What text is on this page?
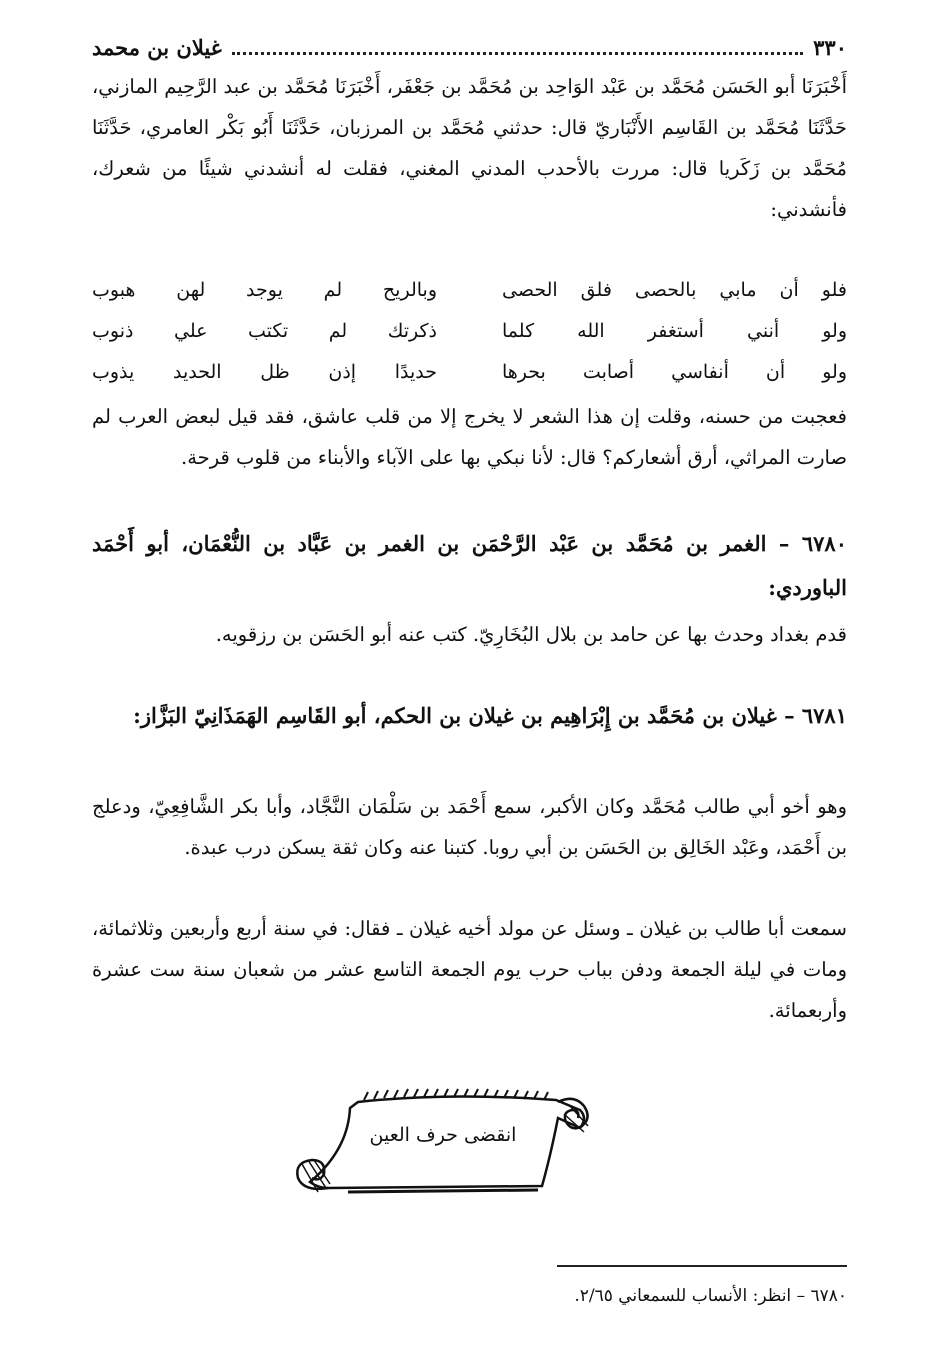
٣٣٠
غيلان بن محمد

أَخْبَرَنَا أبو الحَسَن مُحَمَّد بن عَبْد الوَاحِد بن مُحَمَّد بن جَعْفَر، أَخْبَرَنَا مُحَمَّد بن عبد الرَّحِيم المازني، حَدَّثَنَا مُحَمَّد بن القَاسِم الأَنْبَاريّ قال: حدثني مُحَمَّد بن المرزبان، حَدَّثَنَا أَبُو بَكْر العامري، حَدَّثَنَا مُحَمَّد بن زَكَريا قال: مررت بالأحدب المدني المغني، فقلت له أنشدني شيئًا من شعرك، فأنشدني:

فلو أن مابي بالحصى فلق الحصى
وبالريح لم يوجد لهن هبوب
ولو أنني أستغفر الله كلما
ذكرتك لم تكتب علي ذنوب
ولو أن أنفاسي أصابت بحرها
حديدًا إذن ظل الحديد يذوب

فعجبت من حسنه، وقلت إن هذا الشعر لا يخرج إلا من قلب عاشق، فقد قيل لبعض العرب لم صارت المراثي، أرق أشعاركم؟ قال: لأنا نبكي بها على الآباء والأبناء من قلوب قرحة.

٦٧٨٠ – الغمر بن مُحَمَّد بن عَبْد الرَّحْمَن بن الغمر بن عَبَّاد بن النُّعْمَان، أبو أَحْمَد الباوردي:

قدم بغداد وحدث بها عن حامد بن بلال البُخَارِيّ. كتب عنه أبو الحَسَن بن رزقويه.

٦٧٨١ – غيلان بن مُحَمَّد بن إِبْرَاهِيم بن غيلان بن الحكم، أبو القَاسِم الهَمَذَانِيّ البَزَّاز:

وهو أخو أبي طالب مُحَمَّد وكان الأكبر، سمع أَحْمَد بن سَلْمَان النَّجَّاد، وأبا بكر الشَّافِعِيّ، ودعلج بن أَحْمَد، وعَبْد الخَالِق بن الحَسَن بن أبي روبا. كتبنا عنه وكان ثقة يسكن درب عبدة.

سمعت أبا طالب بن غيلان ـ وسئل عن مولد أخيه غيلان ـ فقال: في سنة أربع وأربعين وثلاثمائة، ومات في ليلة الجمعة ودفن بباب حرب يوم الجمعة التاسع عشر من شعبان سنة ست عشرة وأربعمائة.

انقضى حرف العين
٦٧٨٠ – انظر: الأنساب للسمعاني ٢/٦٥.
